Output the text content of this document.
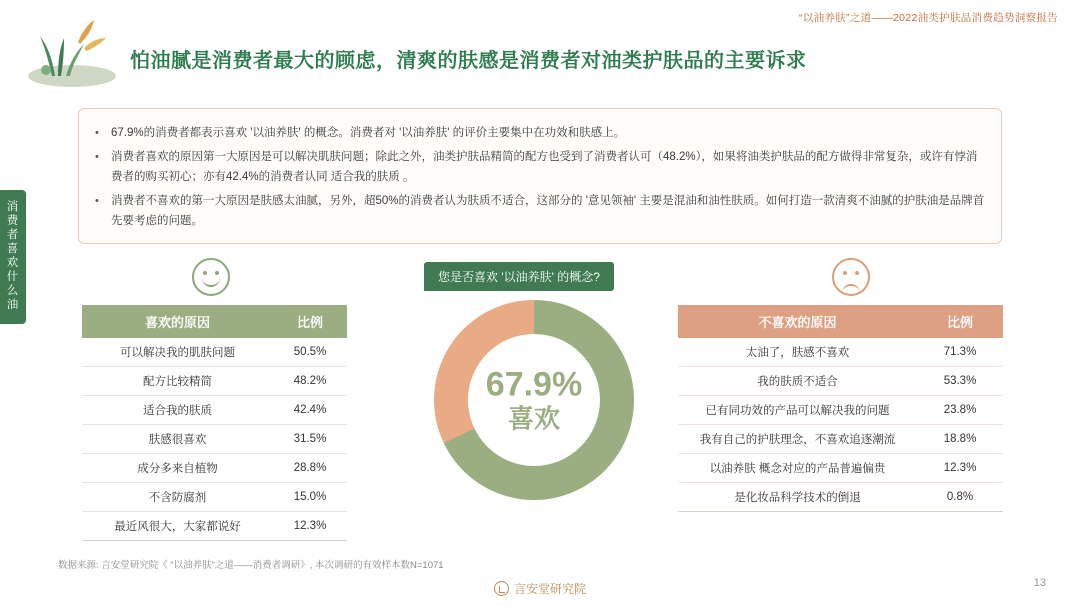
“以油养肤”之道——2022油类护肤品消费趋势洞察报告
怕油腻是消费者最大的顾虑，清爽的肤感是消费者对油类护肤品的主要诉求
消费者喜欢什么油
•	67.9%的消费者都表示喜欢 '以油养肤' 的概念。消费者对 '以油养肤' 的评价主要集中在功效和肤感上。
•	消费者喜欢的原因第一大原因是可以解决肌肤问题；除此之外，油类护肤品精简的配方也受到了消费者认可（48.2%），如果将油类护肤品的配方做得非常复杂，或许有悖消费者的购买初心；亦有42.4%的消费者认同 适合我的肤质 。
•	消费者不喜欢的第一大原因是肤感太油腻，另外，超50%的消费者认为肤质不适合，这部分的 '意见领袖' 主要是混油和油性肤质。如何打造一款清爽不油腻的护肤油是品牌首先要考虑的问题。
喜欢的原因	比例
可以解决我的肌肤问题	50.5%
配方比较精简	48.2%
适合我的肤质	42.4%
肤感很喜欢	31.5%
成分多来自植物	28.8%
不含防腐剂	15.0%
最近风很大，大家都说好	12.3%
不喜欢的原因	比例
太油了，肤感不喜欢	71.3%
我的肤质不适合	53.3%
已有同功效的产品可以解决我的问题	23.8%
我有自己的护肤理念，不喜欢追逐潮流	18.8%
以油养肤 概念对应的产品普遍偏贵	12.3%
是化妆品科学技术的倒退	0.8%
您是否喜欢 '以油养肤' 的概念?
67.9%
喜欢
数据来源: 言安堂研究院《 “以油养肤”之道——消费者调研》, 本次调研的有效样本数N=1071
言安堂研究院	13
